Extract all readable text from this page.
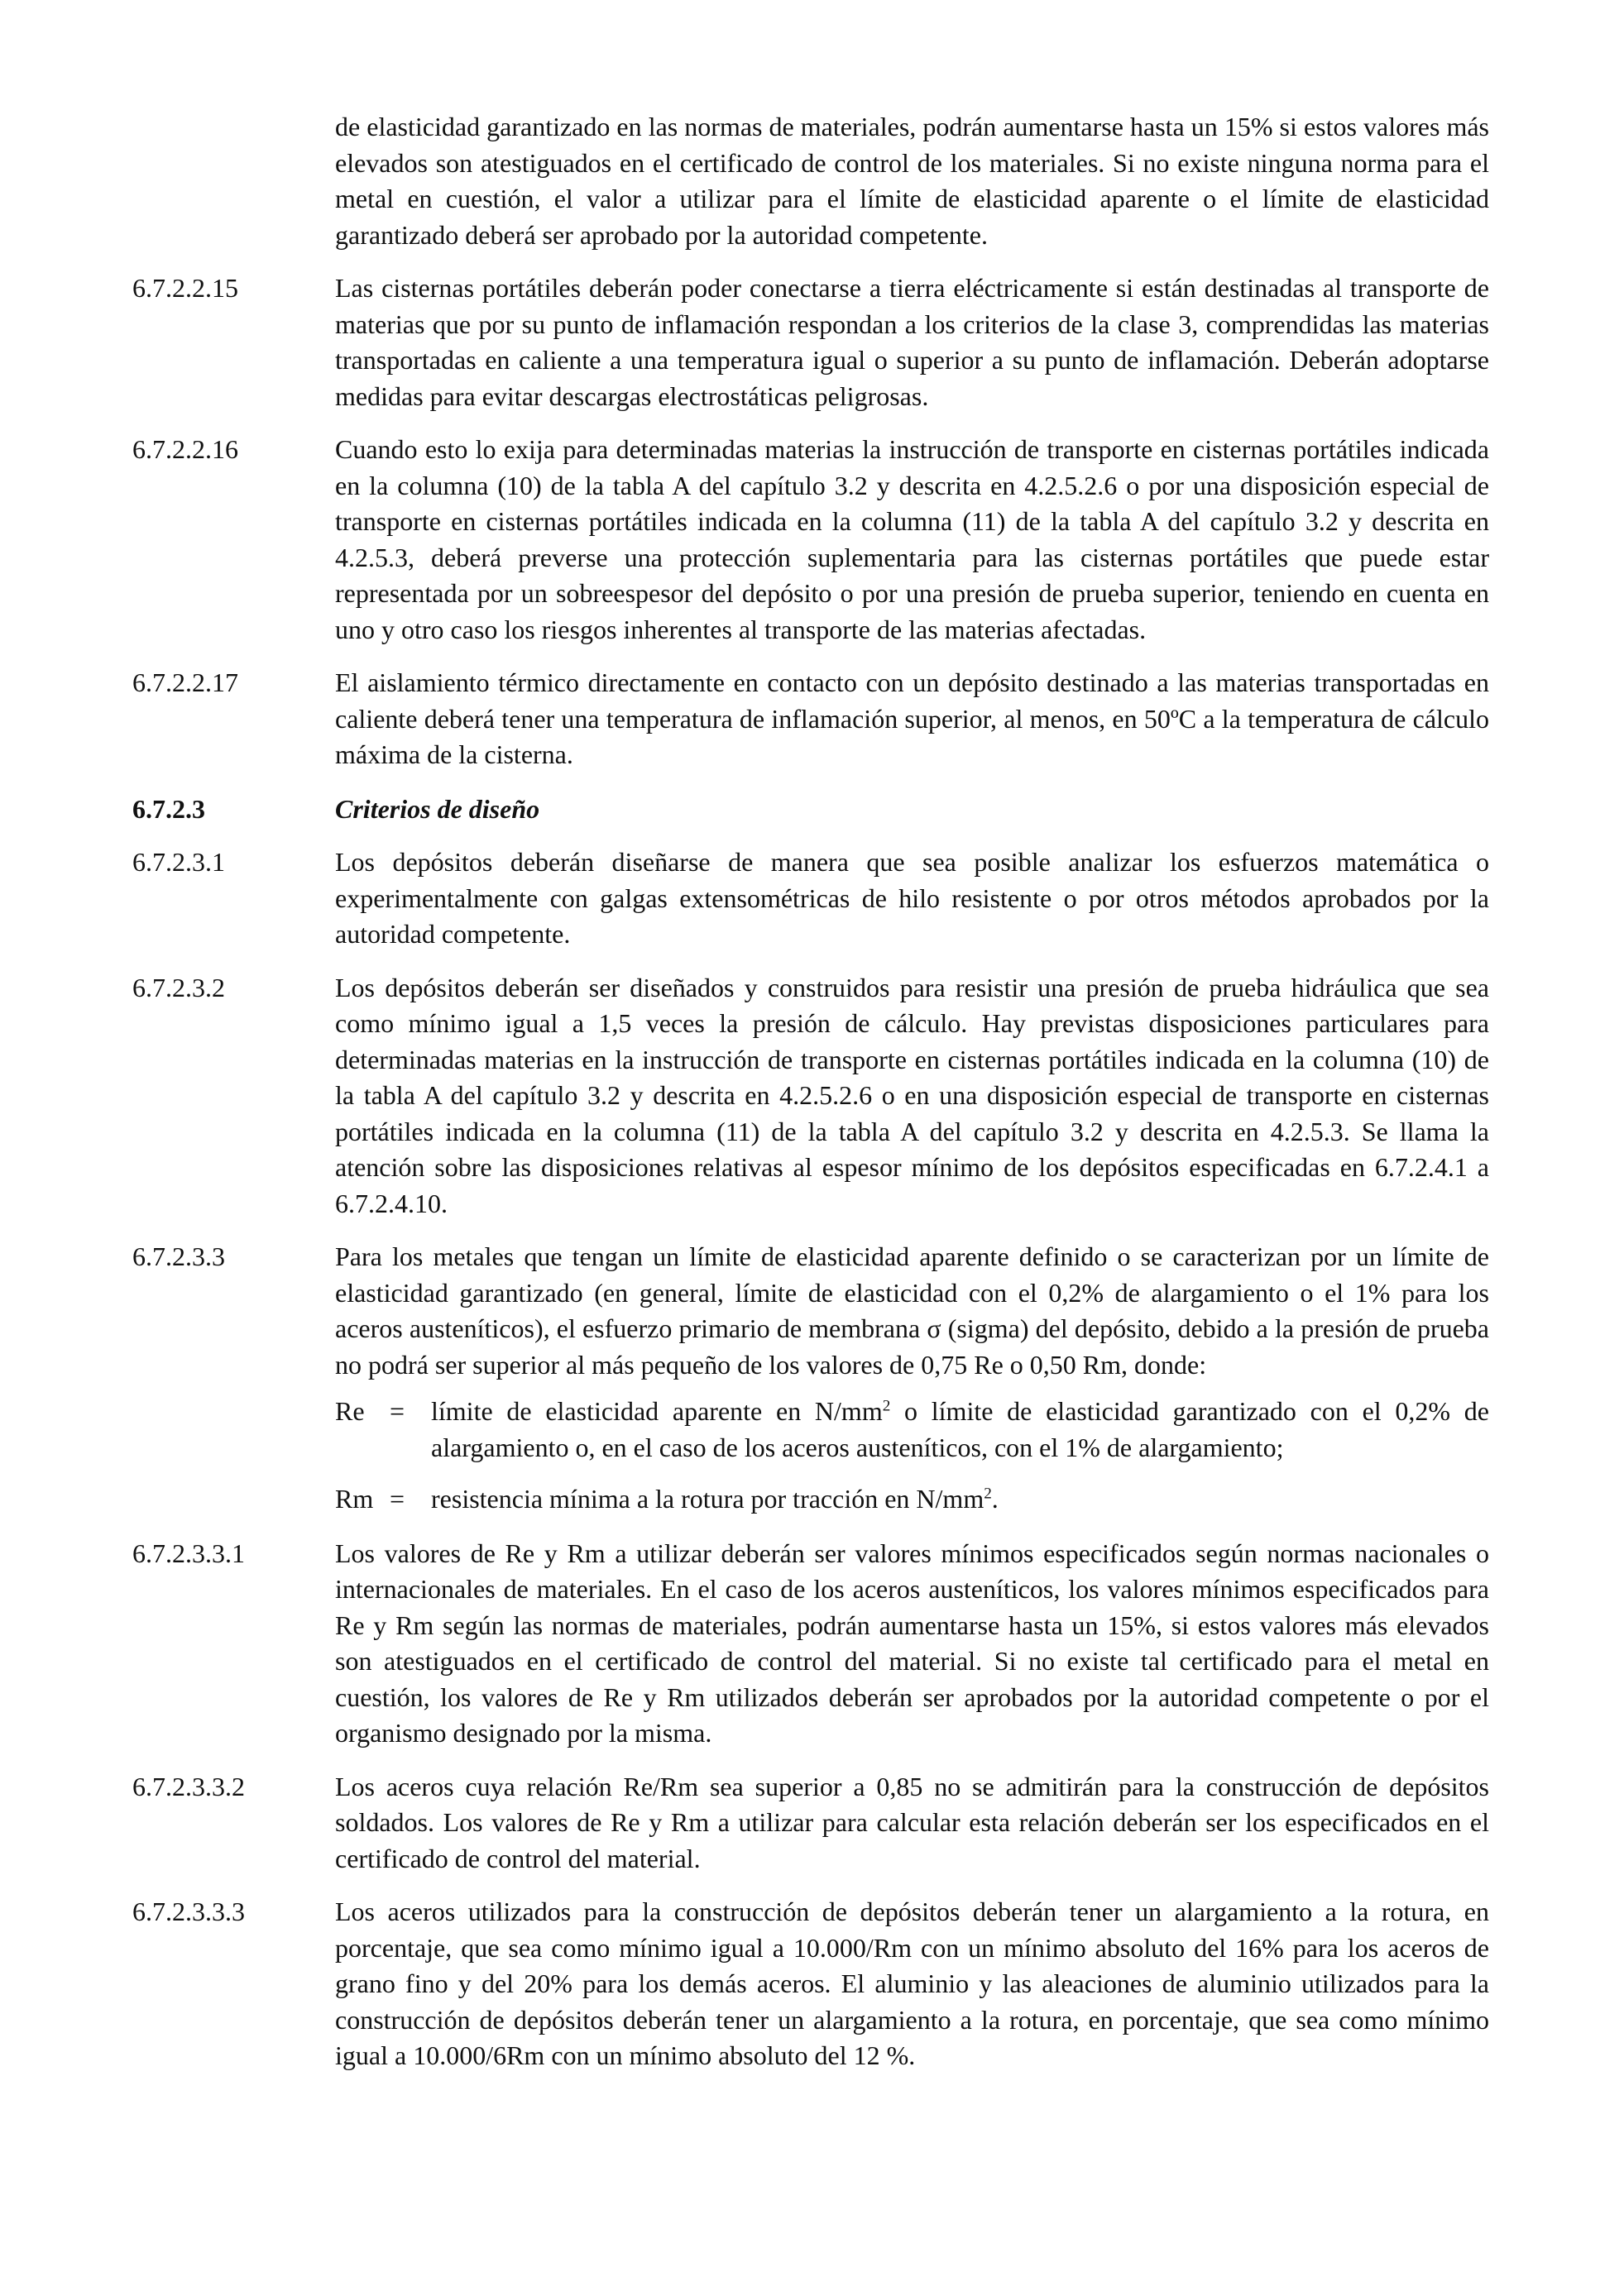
de elasticidad garantizado en las normas de materiales, podrán aumentarse hasta un 15% si estos valores más elevados son atestiguados en el certificado de control de los materiales. Si no existe ninguna norma para el metal en cuestión, el valor a utilizar para el límite de elasticidad aparente o el límite de elasticidad garantizado deberá ser aprobado por la autoridad competente.
6.7.2.2.15	Las cisternas portátiles deberán poder conectarse a tierra eléctricamente si están destinadas al transporte de materias que por su punto de inflamación respondan a los criterios de la clase 3, comprendidas las materias transportadas en caliente a una temperatura igual o superior a su punto de inflamación. Deberán adoptarse medidas para evitar descargas electrostáticas peligrosas.
6.7.2.2.16	Cuando esto lo exija para determinadas materias la instrucción de transporte en cisternas portátiles indicada en la columna (10) de la tabla A del capítulo 3.2 y descrita en 4.2.5.2.6 o por una disposición especial de transporte en cisternas portátiles indicada en la columna (11) de la tabla A del capítulo 3.2 y descrita en 4.2.5.3, deberá preverse una protección suplementaria para las cisternas portátiles que puede estar representada por un sobreespesor del depósito o por una presión de prueba superior, teniendo en cuenta en uno y otro caso los riesgos inherentes al transporte de las materias afectadas.
6.7.2.2.17	El aislamiento térmico directamente en contacto con un depósito destinado a las materias transportadas en caliente deberá tener una temperatura de inflamación superior, al menos, en 50ºC a la temperatura de cálculo máxima de la cisterna.
6.7.2.3	Criterios de diseño
6.7.2.3.1	Los depósitos deberán diseñarse de manera que sea posible analizar los esfuerzos matemática o experimentalmente con galgas extensométricas de hilo resistente o por otros métodos aprobados por la autoridad competente.
6.7.2.3.2	Los depósitos deberán ser diseñados y construidos para resistir una presión de prueba hidráulica que sea como mínimo igual a 1,5 veces la presión de cálculo. Hay previstas disposiciones particulares para determinadas materias en la instrucción de transporte en cisternas portátiles indicada en la columna (10) de la tabla A del capítulo 3.2 y descrita en 4.2.5.2.6 o en una disposición especial de transporte en cisternas portátiles indicada en la columna (11) de la tabla A del capítulo 3.2 y descrita en 4.2.5.3. Se llama la atención sobre las disposiciones relativas al espesor mínimo de los depósitos especificadas en 6.7.2.4.1 a 6.7.2.4.10.
6.7.2.3.3	Para los metales que tengan un límite de elasticidad aparente definido o se caracterizan por un límite de elasticidad garantizado (en general, límite de elasticidad con el 0,2% de alargamiento o el 1% para los aceros austeníticos), el esfuerzo primario de membrana σ (sigma) del depósito, debido a la presión de prueba no podrá ser superior al más pequeño de los valores de 0,75 Re o 0,50 Rm, donde:
Re = límite de elasticidad aparente en $N/mm^2$ o límite de elasticidad garantizado con el 0,2% de alargamiento o, en el caso de los aceros austeníticos, con el 1% de alargamiento;
Rm = resistencia mínima a la rotura por tracción en $N/mm^2$.
6.7.2.3.3.1	Los valores de Re y Rm a utilizar deberán ser valores mínimos especificados según normas nacionales o internacionales de materiales. En el caso de los aceros austeníticos, los valores mínimos especificados para Re y Rm según las normas de materiales, podrán aumentarse hasta un 15%, si estos valores más elevados son atestiguados en el certificado de control del material. Si no existe tal certificado para el metal en cuestión, los valores de Re y Rm utilizados deberán ser aprobados por la autoridad competente o por el organismo designado por la misma.
6.7.2.3.3.2	Los aceros cuya relación Re/Rm sea superior a 0,85 no se admitirán para la construcción de depósitos soldados. Los valores de Re y Rm a utilizar para calcular esta relación deberán ser los especificados en el certificado de control del material.
6.7.2.3.3.3	Los aceros utilizados para la construcción de depósitos deberán tener un alargamiento a la rotura, en porcentaje, que sea como mínimo igual a 10.000/Rm con un mínimo absoluto del 16% para los aceros de grano fino y del 20% para los demás aceros. El aluminio y las aleaciones de aluminio utilizados para la construcción de depósitos deberán tener un alargamiento a la rotura, en porcentaje, que sea como mínimo igual a 10.000/6Rm con un mínimo absoluto del 12 %.
